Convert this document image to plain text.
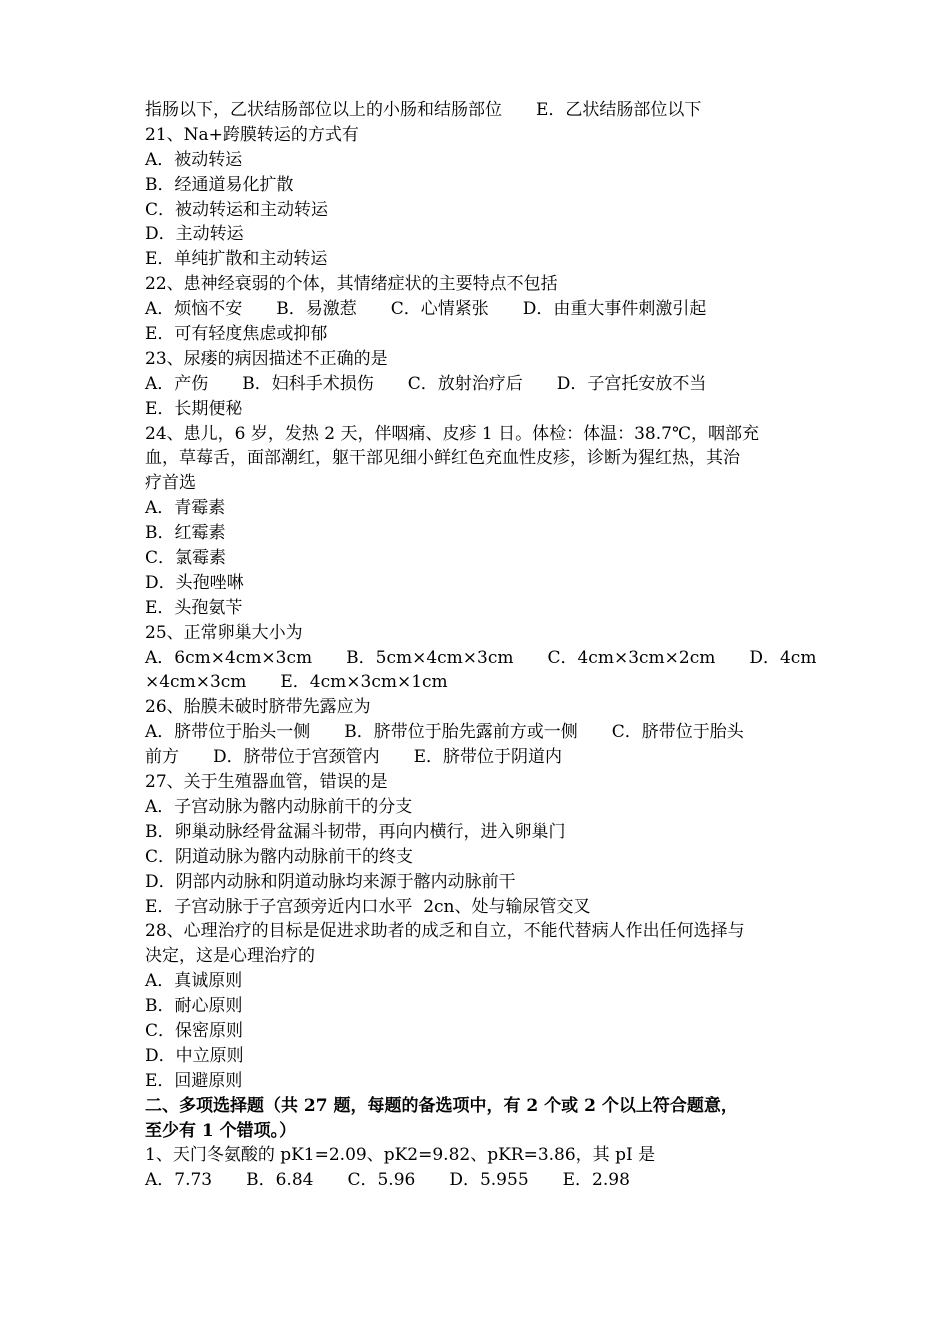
指肠以下，乙状结肠部位以上的小肠和结肠部位　　E．乙状结肠部位以下
21、Na+跨膜转运的方式有
A．被动转运
B．经通道易化扩散
C．被动转运和主动转运
D．主动转运
E．单纯扩散和主动转运
22、患神经衰弱的个体，其情绪症状的主要特点不包括
A．烦恼不安　　B．易激惹　　C．心情紧张　　D．由重大事件刺激引起
E．可有轻度焦虑或抑郁
23、尿瘘的病因描述不正确的是
A．产伤　　B．妇科手术损伤　　C．放射治疗后　　D．子宫托安放不当
E．长期便秘
24、患儿，6 岁，发热 2 天，伴咽痛、皮疹 1 日。体检：体温：38.7℃，咽部充
血，草莓舌，面部潮红，躯干部见细小鲜红色充血性皮疹，诊断为猩红热，其治
疗首选
A．青霉素
B．红霉素
C．氯霉素
D．头孢唑啉
E．头孢氨苄
25、正常卵巢大小为
A．6cm×4cm×3cm　　B．5cm×4cm×3cm　　C．4cm×3cm×2cm　　D．4cm
×4cm×3cm　　E．4cm×3cm×1cm
26、胎膜未破时脐带先露应为
A．脐带位于胎头一侧　　B．脐带位于胎先露前方或一侧　　C．脐带位于胎头
前方　　D．脐带位于宫颈管内　　E．脐带位于阴道内
27、关于生殖器血管，错误的是
A．子宫动脉为髂内动脉前干的分支
B．卵巢动脉经骨盆漏斗韧带，再向内横行，进入卵巢门
C．阴道动脉为髂内动脉前干的终支
D．阴部内动脉和阴道动脉均来源于髂内动脉前干
E．子宫动脉于子宫颈旁近内口水平  2cn、处与输尿管交叉
28、心理治疗的目标是促进求助者的成乏和自立，不能代替病人作出任何选择与
决定，这是心理治疗的
A．真诚原则
B．耐心原则
C．保密原则
D．中立原则
E．回避原则
二、多项选择题（共 27 题，每题的备选项中，有 2 个或 2 个以上符合题意，
至少有 1 个错项。）
1、天门冬氨酸的 pK1=2.09、pK2=9.82、pKR=3.86，其 pI 是
A．7.73　　B．6.84　　C．5.96　　D．5.955　　E．2.98
